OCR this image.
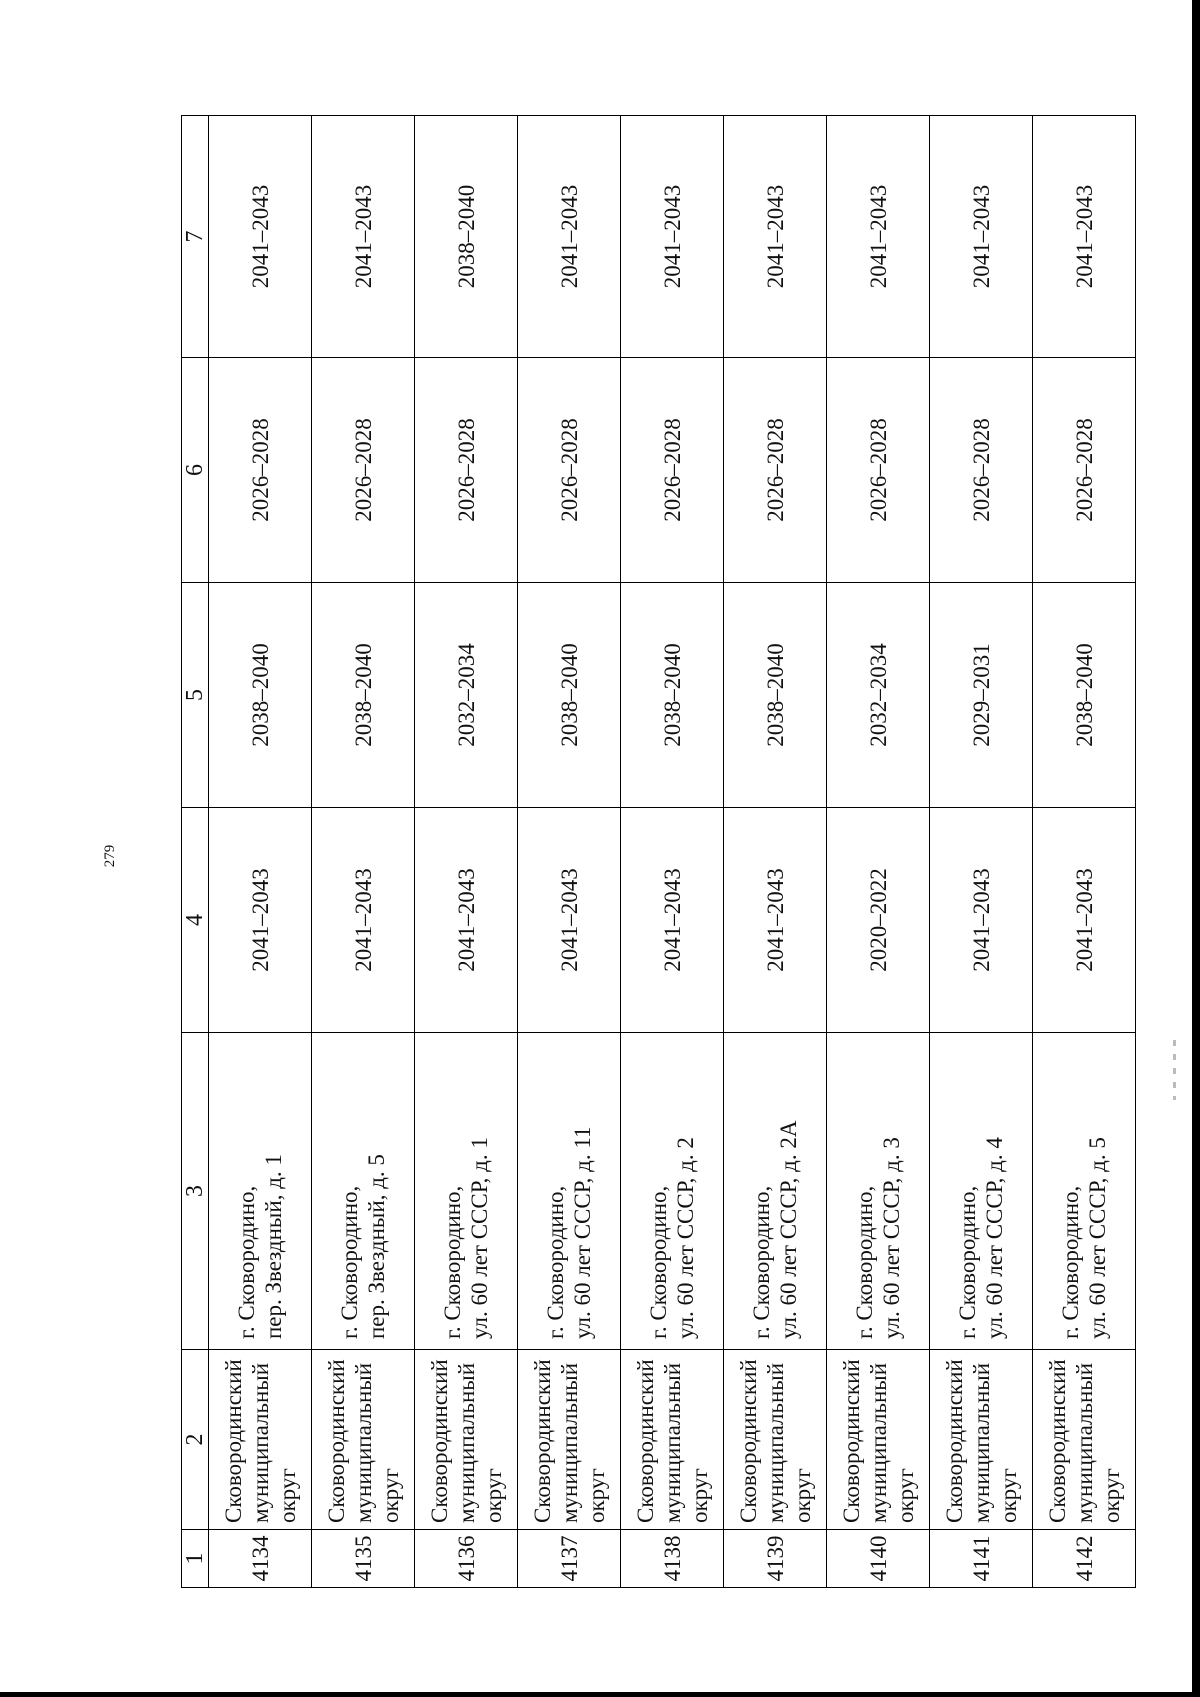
279
1	2	3	4	5	6	7
4134	Сковородинский
муниципальный
округ	г. Сковородино,
пер. Звездный, д. 1	2041–2043	2038–2040	2026–2028	2041–2043
4135	Сковородинский
муниципальный
округ	г. Сковородино,
пер. Звездный, д. 5	2041–2043	2038–2040	2026–2028	2041–2043
4136	Сковородинский
муниципальный
округ	г. Сковородино,
ул. 60 лет СССР, д. 1	2041–2043	2032–2034	2026–2028	2038–2040
4137	Сковородинский
муниципальный
округ	г. Сковородино,
ул. 60 лет СССР, д. 11	2041–2043	2038–2040	2026–2028	2041–2043
4138	Сковородинский
муниципальный
округ	г. Сковородино,
ул. 60 лет СССР, д. 2	2041–2043	2038–2040	2026–2028	2041–2043
4139	Сковородинский
муниципальный
округ	г. Сковородино,
ул. 60 лет СССР, д. 2А	2041–2043	2038–2040	2026–2028	2041–2043
4140	Сковородинский
муниципальный
округ	г. Сковородино,
ул. 60 лет СССР, д. 3	2020–2022	2032–2034	2026–2028	2041–2043
4141	Сковородинский
муниципальный
округ	г. Сковородино,
ул. 60 лет СССР, д. 4	2041–2043	2029–2031	2026–2028	2041–2043
4142	Сковородинский
муниципальный
округ	г. Сковородино,
ул. 60 лет СССР, д. 5	2041–2043	2038–2040	2026–2028	2041–2043
